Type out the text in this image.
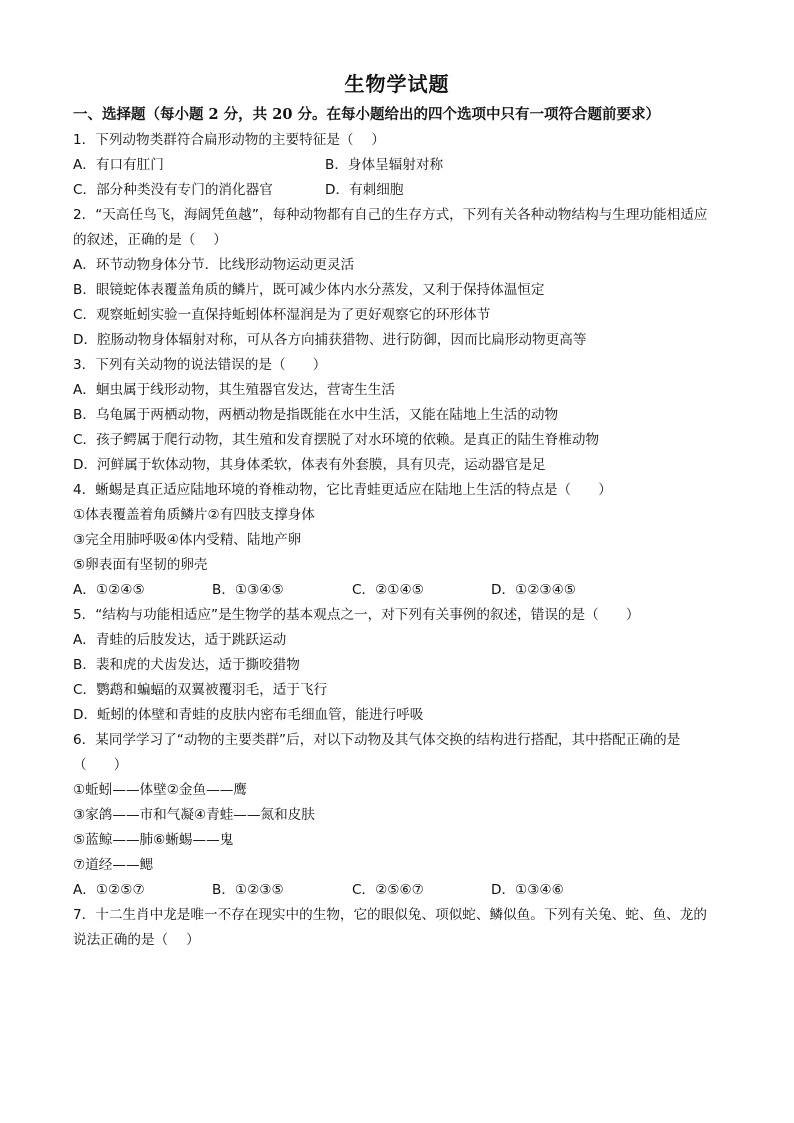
生物学试题
一、选择题（每小题 2 分，共 20 分。在每小题给出的四个选项中只有一项符合题前要求）
1．下列动物类群符合扁形动物的主要特征是（　 ）
A．有口有肛门	B．身体呈辐射对称
C．部分种类没有专门的消化器官	D．有刺细胞
2．“天高任鸟飞，海阔凭鱼越”，每种动物都有自己的生存方式，下列有关各种动物结构与生理功能相适应
的叙述，正确的是（　 ）
A．环节动物身体分节．比线形动物运动更灵活
B．眼镜蛇体表覆盖角质的鳞片，既可减少体内水分蒸发，又利于保持体温恒定
C．观察蚯蚓实验一直保持蚯蚓体杯湿润是为了更好观察它的环形体节
D．腔肠动物身体辐射对称，可从各方向捕获猎物、进行防御，因而比扁形动物更高等
3．下列有关动物的说法错误的是（　　）
A．蛔虫属于线形动物，其生殖器官发达，营寄生生活
B．乌龟属于两栖动物，两栖动物是指既能在水中生活，又能在陆地上生活的动物
C．孩子鳄属于爬行动物，其生殖和发育摆脱了对水环境的依赖。是真正的陆生脊椎动物
D．河鲜属于软体动物，其身体柔软，体表有外套膜，具有贝壳，运动器官是足
4．蜥蜴是真正适应陆地环境的脊椎动物，它比青蛙更适应在陆地上生活的特点是（　　）
①体表覆盖着角质鳞片②有四肢支撑身体
③完全用肺呼吸④体内受精、陆地产卵
⑤卵表面有坚韧的卵壳
A．①②④⑤	B．①③④⑤	C．②①④⑤	D．①②③④⑤
5．“结构与功能相适应”是生物学的基本观点之一，对下列有关事例的叙述，错误的是（　　）
A．青蛙的后肢发达，适于跳跃运动
B．裴和虎的犬齿发达，适于撕咬猎物
C．鹦鹉和蝙蝠的双翼被覆羽毛，适于飞行
D．蚯蚓的体壁和青蛙的皮肤内密布毛细血管，能进行呼吸
6．某同学学习了“动物的主要类群”后，对以下动物及其气体交换的结构进行搭配，其中搭配正确的是
（　　）
①蚯蚓——体壁②金鱼——鹰
③家鸽——市和气凝④青蛙——氮和皮肤
⑤蓝鲸——肺⑥蜥蜴——鬼
⑦道经——鳃
A．①②⑤⑦	B．①②③⑤	C．②⑤⑥⑦	D．①③④⑥
7．十二生肖中龙是唯一不存在现实中的生物，它的眼似兔、项似蛇、鳞似鱼。下列有关兔、蛇、鱼、龙的
说法正确的是（　 ）
